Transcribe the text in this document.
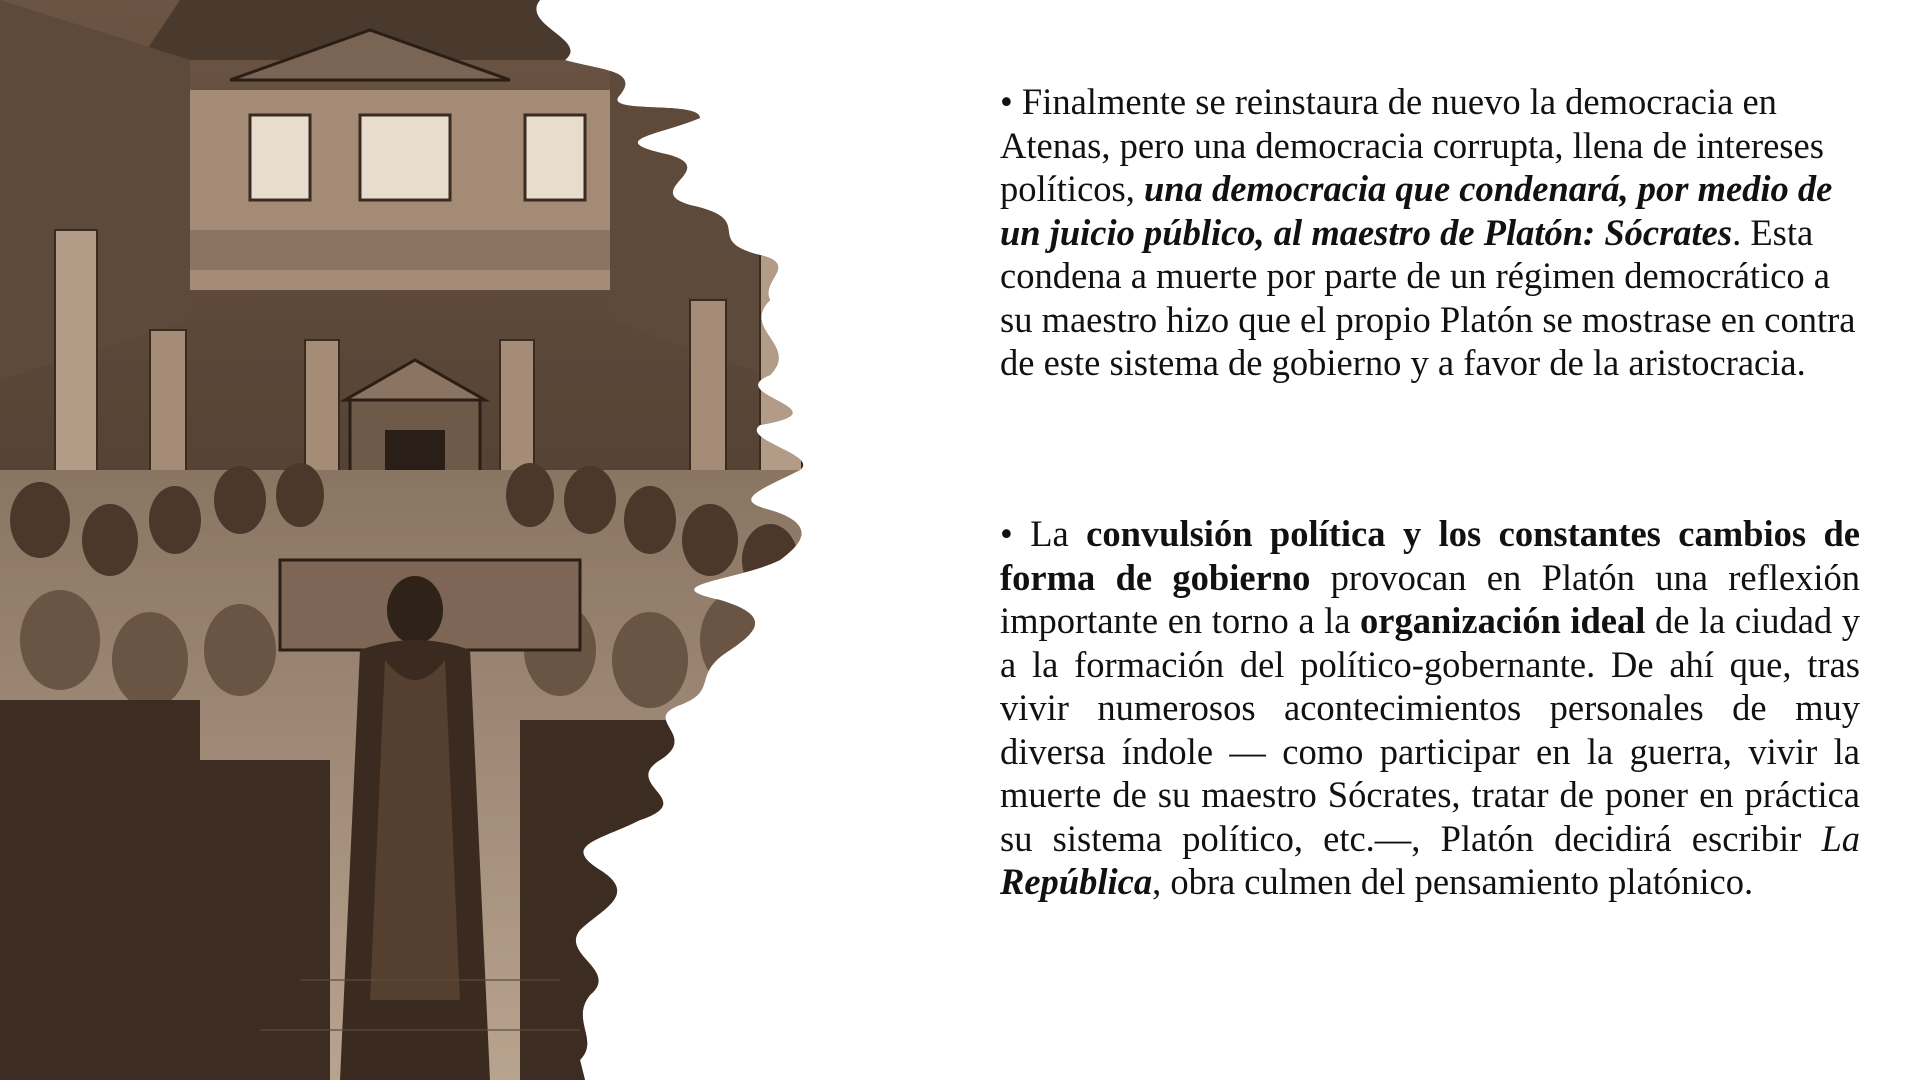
• Finalmente se reinstaura de nuevo la democracia en Atenas, pero una democracia corrupta, llena de intereses políticos, una democracia que condenará, por medio de un juicio público, al maestro de Platón: Sócrates. Esta condena a muerte por parte de un régimen democrático a su maestro hizo que el propio Platón se mostrase en contra de este sistema de gobierno y a favor de la aristocracia.

• La convulsión política y los constantes cambios de forma de gobierno provocan en Platón una reflexión importante en torno a la organización ideal de la ciudad y a la formación del político-gobernante. De ahí que, tras vivir numerosos acontecimientos personales de muy diversa índole — como participar en la guerra, vivir la muerte de su maestro Sócrates, tratar de poner en práctica su sistema político, etc.—, Platón decidirá escribir La República, obra culmen del pensamiento platónico.
